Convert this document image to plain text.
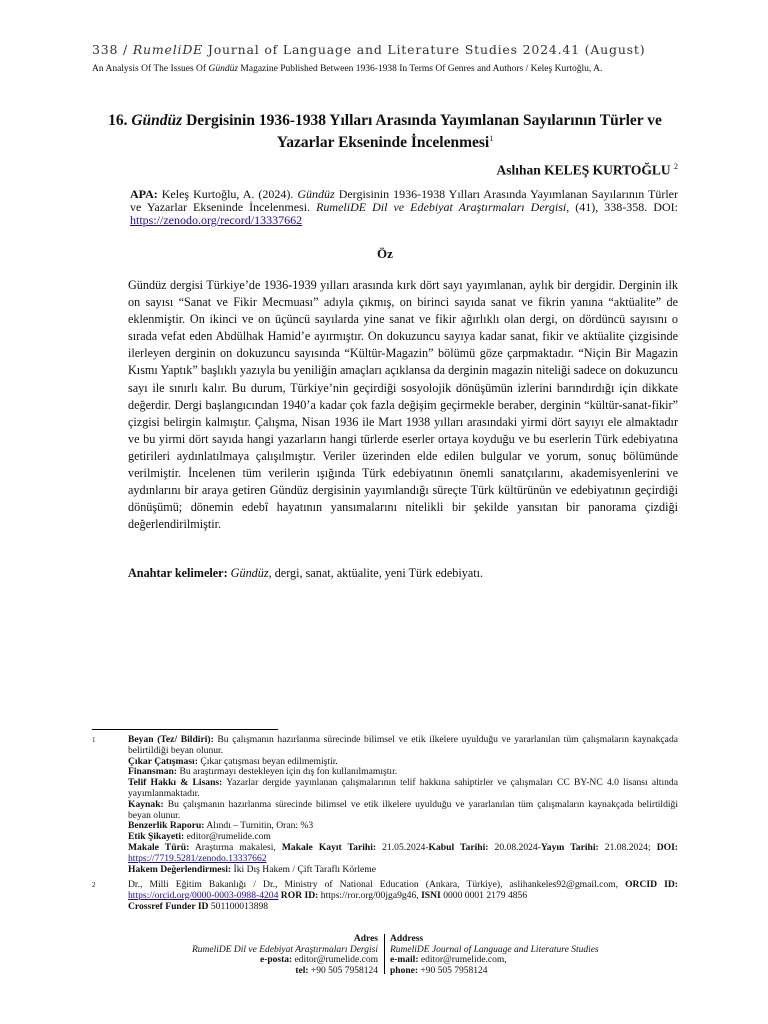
338 / RumeliDE Journal of Language and Literature Studies 2024.41 (August)
An Analysis Of The Issues Of Gündüz Magazine Published Between 1936-1938 In Terms Of Genres and Authors / Keleş Kurtoğlu, A.
16. Gündüz Dergisinin 1936-1938 Yılları Arasında Yayımlanan Sayılarının Türler ve Yazarlar Ekseninde İncelenmesi$^1$
Aslıhan KELEŞ KURTOĞLU $^2$
APA: Keleş Kurtoğlu, A. (2024). Gündüz Dergisinin 1936-1938 Yılları Arasında Yayımlanan Sayılarının Türler ve Yazarlar Ekseninde İncelenmesi. RumeliDE Dil ve Edebiyat Araştırmaları Dergisi, (41), 338-358. DOI: https://zenodo.org/record/13337662
Öz
Gündüz dergisi Türkiye’de 1936-1939 yılları arasında kırk dört sayı yayımlanan, aylık bir dergidir. Derginin ilk on sayısı “Sanat ve Fikir Mecmuası” adıyla çıkmış, on birinci sayıda sanat ve fikrin yanına “aktüalite” de eklenmiştir. On ikinci ve on üçüncü sayılarda yine sanat ve fikir ağırlıklı olan dergi, on dördüncü sayısını o sırada vefat eden Abdülhak Hamid’e ayırmıştır. On dokuzuncu sayıya kadar sanat, fikir ve aktüalite çizgisinde ilerleyen derginin on dokuzuncu sayısında “Kültür-Magazin” bölümü göze çarpmaktadır. “Niçin Bir Magazin Kısmı Yaptık” başlıklı yazıyla bu yeniliğin amaçları açıklansa da derginin magazin niteliği sadece on dokuzuncu sayı ile sınırlı kalır. Bu durum, Türkiye’nin geçirdiği sosyolojik dönüşümün izlerini barındırdığı için dikkate değerdir. Dergi başlangıcından 1940’a kadar çok fazla değişim geçirmekle beraber, derginin “kültür-sanat-fikir” çizgisi belirgin kalmıştır. Çalışma, Nisan 1936 ile Mart 1938 yılları arasındaki yirmi dört sayıyı ele almaktadır ve bu yirmi dört sayıda hangi yazarların hangi türlerde eserler ortaya koyduğu ve bu eserlerin Türk edebiyatına getirileri aydınlatılmaya çalışılmıştır. Veriler üzerinden elde edilen bulgular ve yorum, sonuç bölümünde verilmiştir. İncelenen tüm verilerin ışığında Türk edebiyatının önemli sanatçılarını, akademisyenlerini ve aydınlarını bir araya getiren Gündüz dergisinin yayımlandığı süreçte Türk kültürünün ve edebiyatının geçirdiği dönüşümü; dönemin edebî hayatının yansımalarını nitelikli bir şekilde yansıtan bir panorama çizdiği değerlendirilmiştir.
Anahtar kelimeler: Gündüz, dergi, sanat, aktüalite, yeni Türk edebiyatı.
1	Beyan (Tez/ Bildiri): Bu çalışmanın hazırlanma sürecinde bilimsel ve etik ilkelere uyulduğu ve yararlanılan tüm çalışmaların kaynakçada belirtildiği beyan olunur.
Çıkar Çatışması: Çıkar çatışması beyan edilmemiştir.
Finansman: Bu araştırmayı destekleyen için dış fon kullanılmamıştır.
Telif Hakkı & Lisans: Yazarlar dergide yayınlanan çalışmalarının telif hakkına sahiptirler ve çalışmaları CC BY-NC 4.0 lisansı altında yayımlanmaktadır.
Kaynak: Bu çalışmanın hazırlanma sürecinde bilimsel ve etik ilkelere uyulduğu ve yararlanılan tüm çalışmaların kaynakçada belirtildiği beyan olunur.
Benzerlik Raporu: Alındı – Turnitin, Oran: %3
Etik Şikayeti: editor@rumelide.com
Makale Türü: Araştırma makalesi, Makale Kayıt Tarihi: 21.05.2024-Kabul Tarihi: 20.08.2024-Yayın Tarihi: 21.08.2024; DOI: https://7719.5281/zenodo.13337662
Hakem Değerlendirmesi: İki Dış Hakem / Çift Taraflı Körleme
2	Dr., Milli Eğitim Bakanlığı / Dr., Ministry of National Education (Ankara, Türkiye), aslihankeles92@gmail.com, ORCID ID: https://orcid.org/0000-0003-0988-4204 ROR ID: https://ror.org/00jga9g46, ISNI 0000 0001 2179 4856
Crossref Funder ID 501100013898
Adres
RumeliDE Dil ve Edebiyat Araştırmaları Dergisi
e-posta: editor@rumelide.com
tel: +90 505 7958124
Address
RumeliDE Journal of Language and Literature Studies
e-mail: editor@rumelide.com,
phone: +90 505 7958124
